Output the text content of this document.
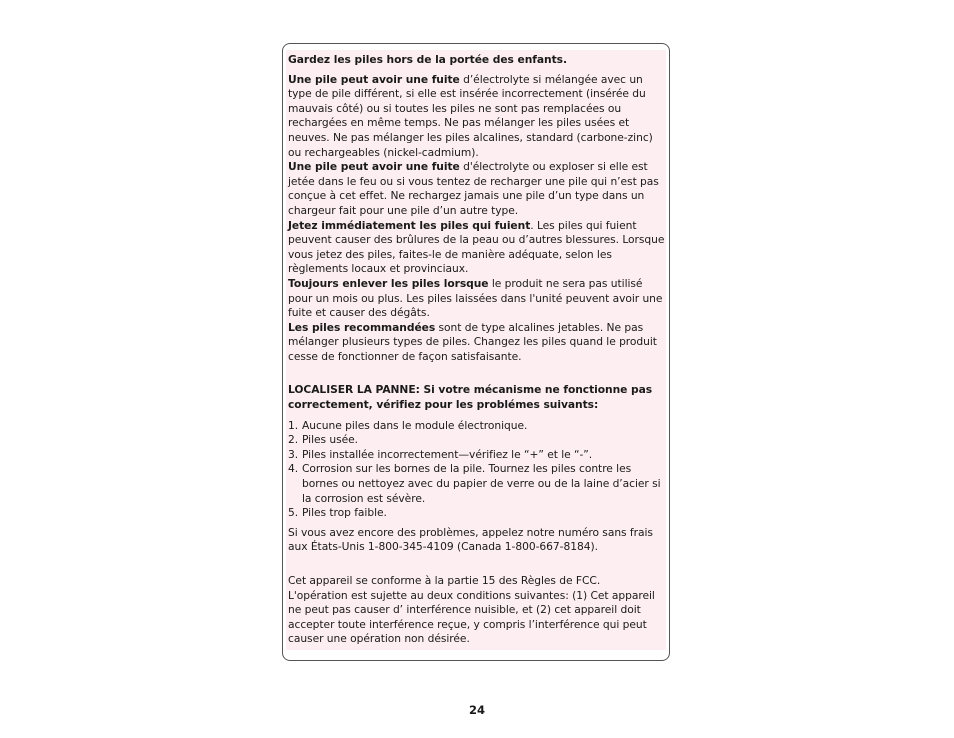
Gardez les piles hors de la portée des enfants.

Une pile peut avoir une fuite d’électrolyte si mélangée avec un type de pile différent, si elle est insérée incorrectement (insérée du mauvais côté) ou si toutes les piles ne sont pas remplacées ou rechargées en même temps. Ne pas mélanger les piles usées et neuves. Ne pas mélanger les piles alcalines, standard (carbone-zinc) ou rechargeables (nickel-cadmium).

Une pile peut avoir une fuite d'électrolyte ou exploser si elle est jetée dans le feu ou si vous tentez de recharger une pile qui n’est pas conçue à cet effet. Ne rechargez jamais une pile d’un type dans un chargeur fait pour une pile d’un autre type.

Jetez immédiatement les piles qui fuient. Les piles qui fuient peuvent causer des brûlures de la peau ou d’autres blessures. Lorsque vous jetez des piles, faites-le de manière adéquate, selon les règlements locaux et provinciaux.

Toujours enlever les piles lorsque le produit ne sera pas utilisé pour un mois ou plus. Les piles laissées dans l'unité peuvent avoir une fuite et causer des dégâts.

Les piles recommandées sont de type alcalines jetables. Ne pas mélanger plusieurs types de piles. Changez les piles quand le produit cesse de fonctionner de façon satisfaisante.

LOCALISER LA PANNE: Si votre mécanisme ne fonctionne pas correctement, vérifiez pour les problémes suivants:

1. Aucune piles dans le module électronique.
2. Piles usée.
3. Piles installée incorrectement—vérifiez le “+” et le “-”.
4. Corrosion sur les bornes de la pile. Tournez les piles contre les bornes ou nettoyez avec du papier de verre ou de la laine d’acier si la corrosion est sévère.
5. Piles trop faible.

Si vous avez encore des problèmes, appelez notre numéro sans frais aux États-Unis 1-800-345-4109 (Canada 1-800-667-8184).

Cet appareil se conforme à la partie 15 des Règles de FCC.

L'opération est sujette au deux conditions suivantes: (1) Cet appareil ne peut pas causer d’ interférence nuisible, et (2) cet appareil doit accepter toute interférence reçue, y compris l’interférence qui peut causer une opération non désirée.

24
